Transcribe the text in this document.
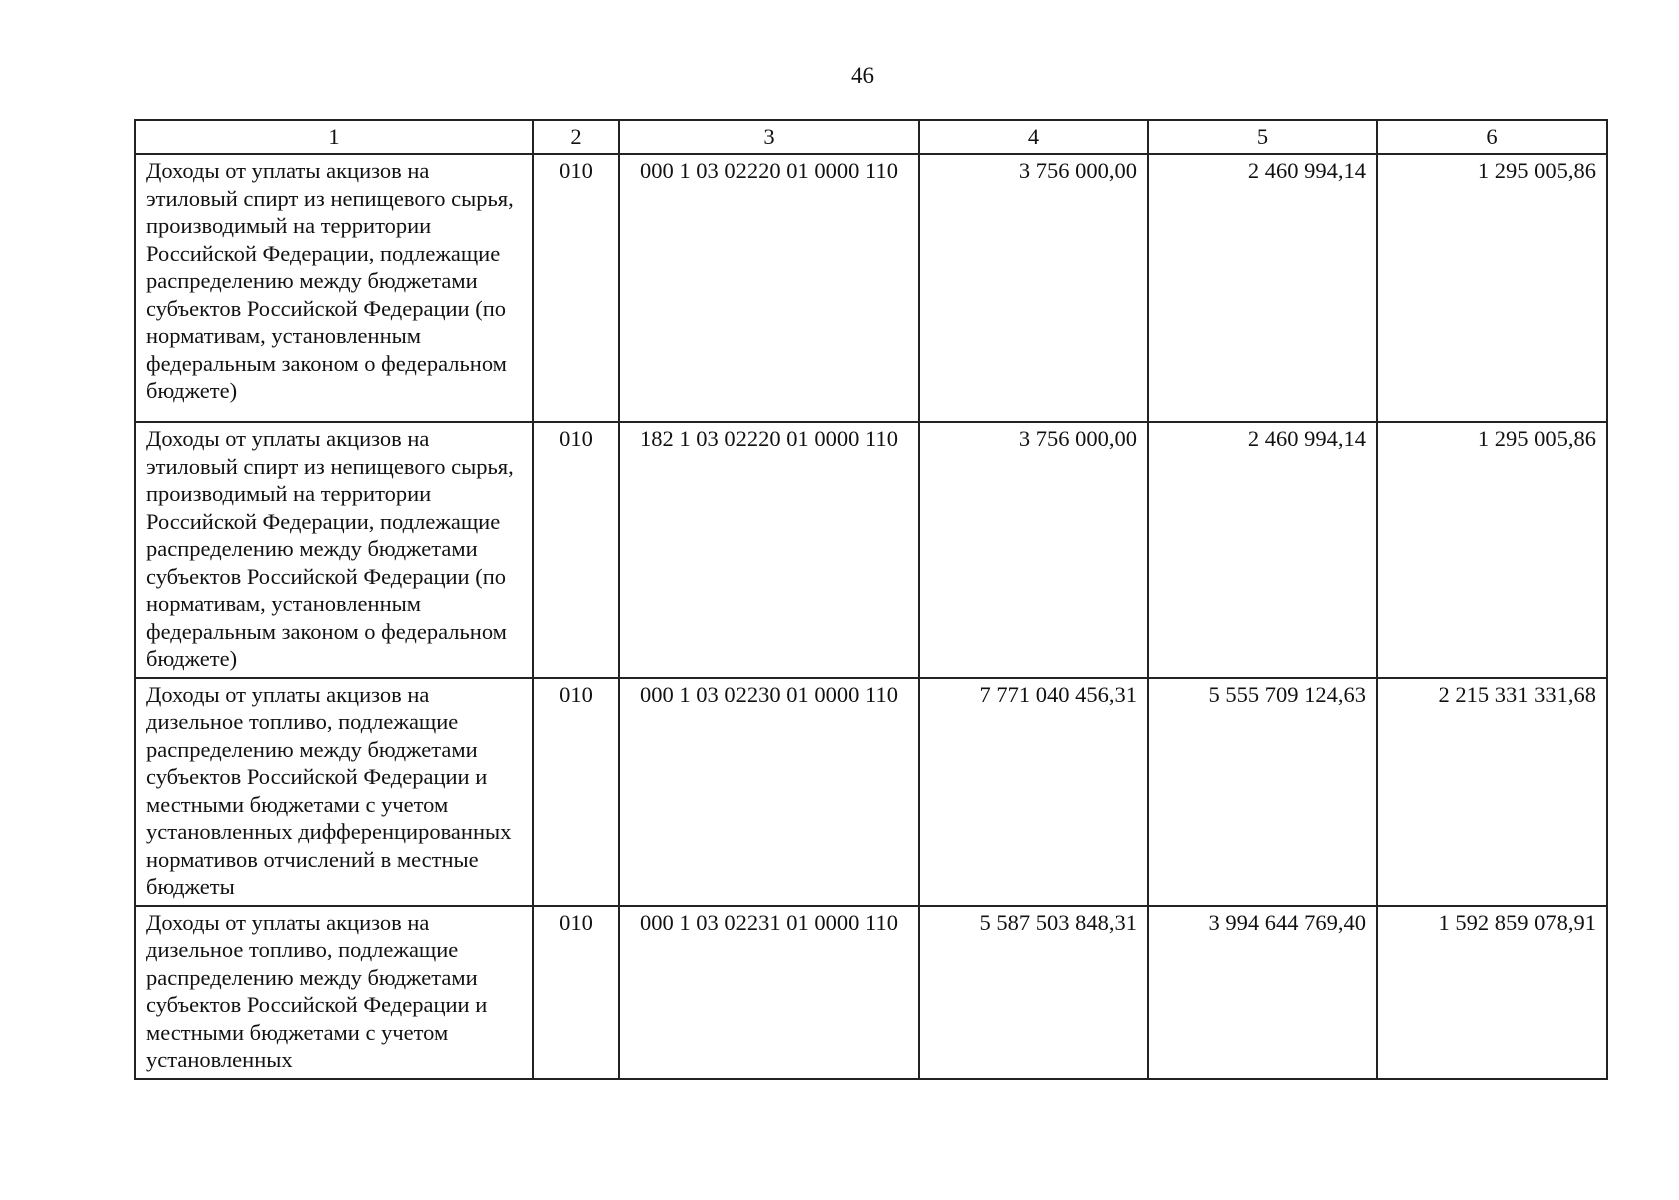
46
1	2	3	4	5	6

Доходы от уплаты акцизов на этиловый спирт из непищевого сырья, производимый на территории Российской Федерации, подлежащие распределению между бюджетами субъектов Российской Федерации (по нормативам, установленным федеральным законом о федеральном бюджете)	010	000 1 03 02220 01 0000 110	3 756 000,00	2 460 994,14	1 295 005,86

Доходы от уплаты акцизов на этиловый спирт из непищевого сырья, производимый на территории Российской Федерации, подлежащие распределению между бюджетами субъектов Российской Федерации (по нормативам, установленным федеральным законом о федеральном бюджете)	010	182 1 03 02220 01 0000 110	3 756 000,00	2 460 994,14	1 295 005,86

Доходы от уплаты акцизов на дизельное топливо, подлежащие распределению между бюджетами субъектов Российской Федерации и местными бюджетами с учетом установленных дифференцированных нормативов отчислений в местные бюджеты	010	000 1 03 02230 01 0000 110	7 771 040 456,31	5 555 709 124,63	2 215 331 331,68

Доходы от уплаты акцизов на дизельное топливо, подлежащие распределению между бюджетами субъектов Российской Федерации и местными бюджетами с учетом установленных	010	000 1 03 02231 01 0000 110	5 587 503 848,31	3 994 644 769,40	1 592 859 078,91
